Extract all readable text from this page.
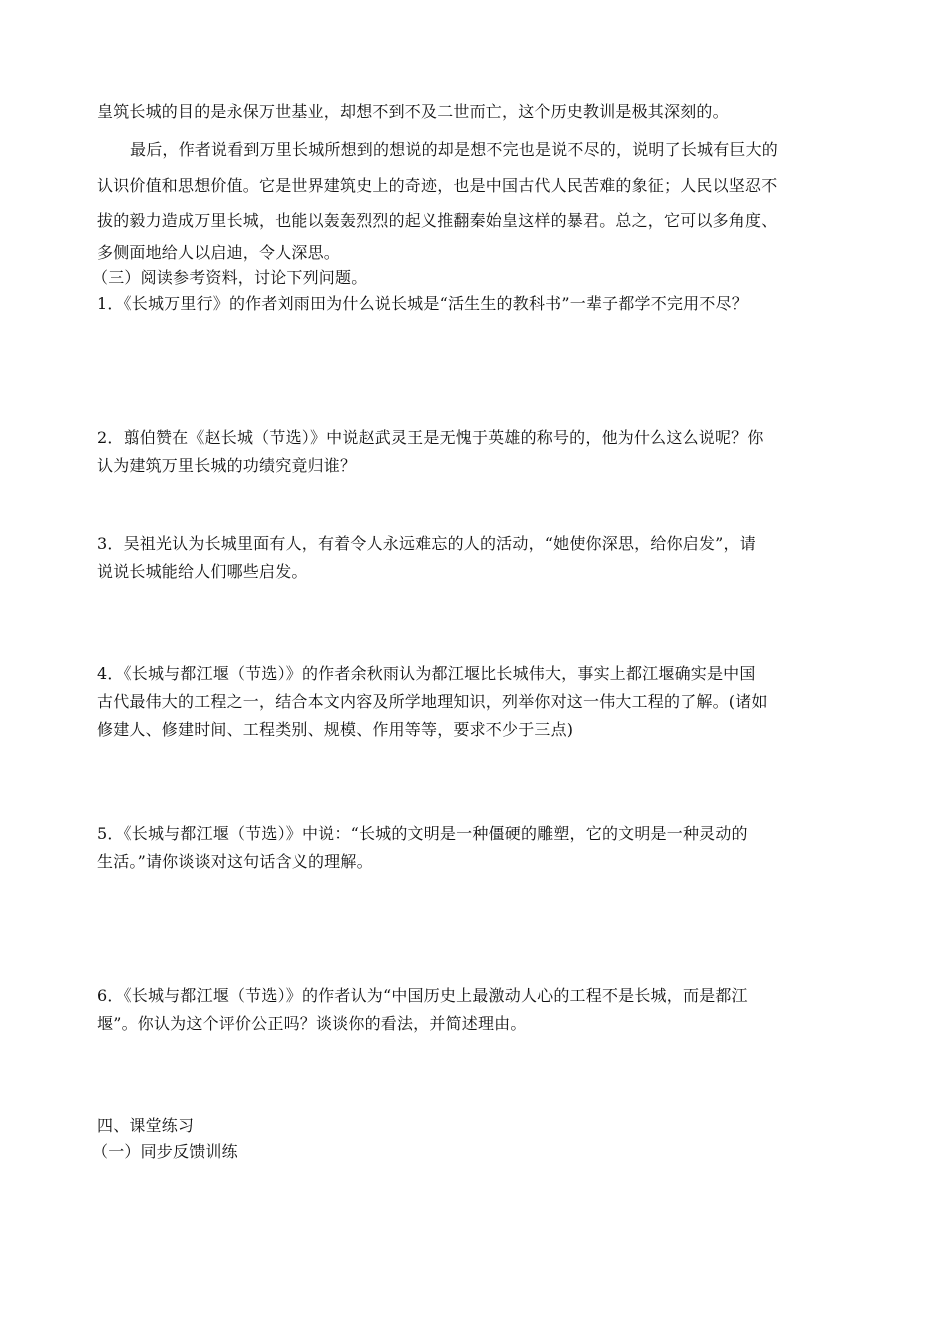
皇筑长城的目的是永保万世基业，却想不到不及二世而亡，这个历史教训是极其深刻的。
最后，作者说看到万里长城所想到的想说的却是想不完也是说不尽的，说明了长城有巨大的
认识价值和思想价值。它是世界建筑史上的奇迹，也是中国古代人民苦难的象征；人民以坚忍不
拔的毅力造成万里长城，也能以轰轰烈烈的起义推翻秦始皇这样的暴君。总之，它可以多角度、
多侧面地给人以启迪，令人深思。
（三）阅读参考资料，讨论下列问题。
1．《长城万里行》的作者刘雨田为什么说长城是“活生生的教科书”一辈子都学不完用不尽？
2．翦伯赞在《赵长城（节选）》中说赵武灵王是无愧于英雄的称号的，他为什么这么说呢？你
认为建筑万里长城的功绩究竟归谁？
3．吴祖光认为长城里面有人，有着令人永远难忘的人的活动，“她使你深思，给你启发”，请
说说长城能给人们哪些启发。
4．《长城与都江堰（节选）》的作者余秋雨认为都江堰比长城伟大，事实上都江堰确实是中国
古代最伟大的工程之一，结合本文内容及所学地理知识，列举你对这一伟大工程的了解。(诸如
修建人、修建时间、工程类别、规模、作用等等，要求不少于三点)
5．《长城与都江堰（节选）》中说：“长城的文明是一种僵硬的雕塑，它的文明是一种灵动的
生活。”请你谈谈对这句话含义的理解。
6．《长城与都江堰（节选）》的作者认为“中国历史上最激动人心的工程不是长城，而是都江
堰”。你认为这个评价公正吗？谈谈你的看法，并简述理由。
四、课堂练习
（一）同步反馈训练
